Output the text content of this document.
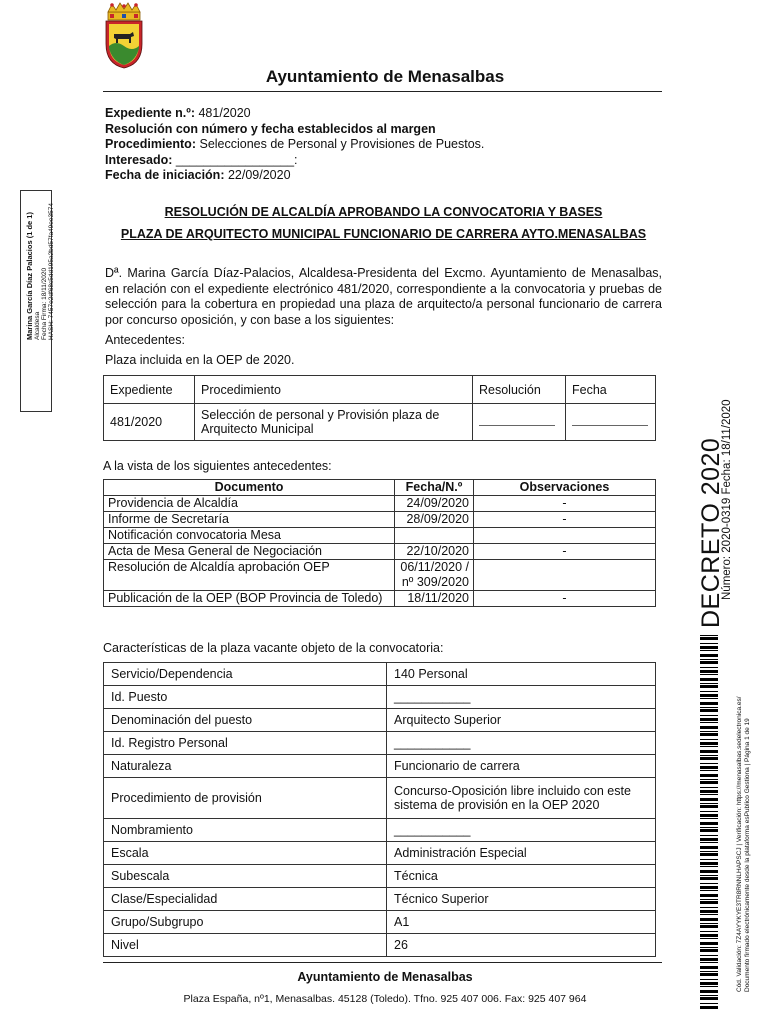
Ayuntamiento de Menasalbas
Expediente n.º: 481/2020
Resolución con número y fecha establecidos al margen
Procedimiento: Selecciones de Personal y Provisiones de Puestos.
Interesado: _________________:
Fecha de iniciación: 22/09/2020
RESOLUCIÓN DE ALCALDÍA APROBANDO LA CONVOCATORIA Y BASES
PLAZA DE ARQUITECTO MUNICIPAL FUNCIONARIO DE CARRERA AYTO.MENASALBAS
Dª. Marina García Díaz-Palacios, Alcaldesa-Presidenta del Excmo. Ayuntamiento de Menasalbas, en relación con el expediente electrónico 481/2020, correspondiente a la convocatoria y pruebas de selección para la cobertura en propiedad una plaza de arquitecto/a personal funcionario de carrera por concurso oposición, y con base a los siguientes:
Antecedentes:
Plaza incluida en la OEP de 2020.
Expediente	Procedimiento	Resolución	Fecha
481/2020	Selección de personal y Provisión plaza de Arquitecto Municipal		
A la vista de los siguientes antecedentes:
Documento	Fecha/N.º	Observaciones
Providencia de Alcaldía	24/09/2020	-
Informe de Secretaría	28/09/2020	-
Notificación convocatoria Mesa		
Acta de Mesa General de Negociación	22/10/2020	-
Resolución de Alcaldía aprobación OEP	06/11/2020 / nº 309/2020	
Publicación de la OEP (BOP Provincia de Toledo)	18/11/2020	-
Características de la plaza vacante objeto de la convocatoria:
Servicio/Dependencia	140 Personal
Id. Puesto	___________
Denominación del puesto	Arquitecto Superior
Id. Registro Personal	___________
Naturaleza	Funcionario de carrera
Procedimiento de provisión	Concurso-Oposición libre incluido con este sistema de provisión en la OEP 2020
Nombramiento	___________
Escala	Administración Especial
Subescala	Técnica
Clase/Especialidad	Técnico Superior
Grupo/Subgrupo	A1
Nivel	26
Ayuntamiento de Menasalbas
Plaza España, nº1, Menasalbas. 45128 (Toledo). Tfno. 925 407 006. Fax: 925 407 964
Marina García Díaz Palacios (1 de 1) Alcaldesa Fecha Firma: 18/11/2020
HASH: 7457e2df68c5dd195a2bd57fa49ee3574
DECRETO 2020
Número: 2020-0319 Fecha: 18/11/2020
Cód. Validación: 7Z4AYYKYE3TR8RNNLHAPSCJ | Verificación: https://menasalbas.sedelectronica.es/ Documento firmado electrónicamente desde la plataforma esPublico Gestiona | Página 1 de 19
